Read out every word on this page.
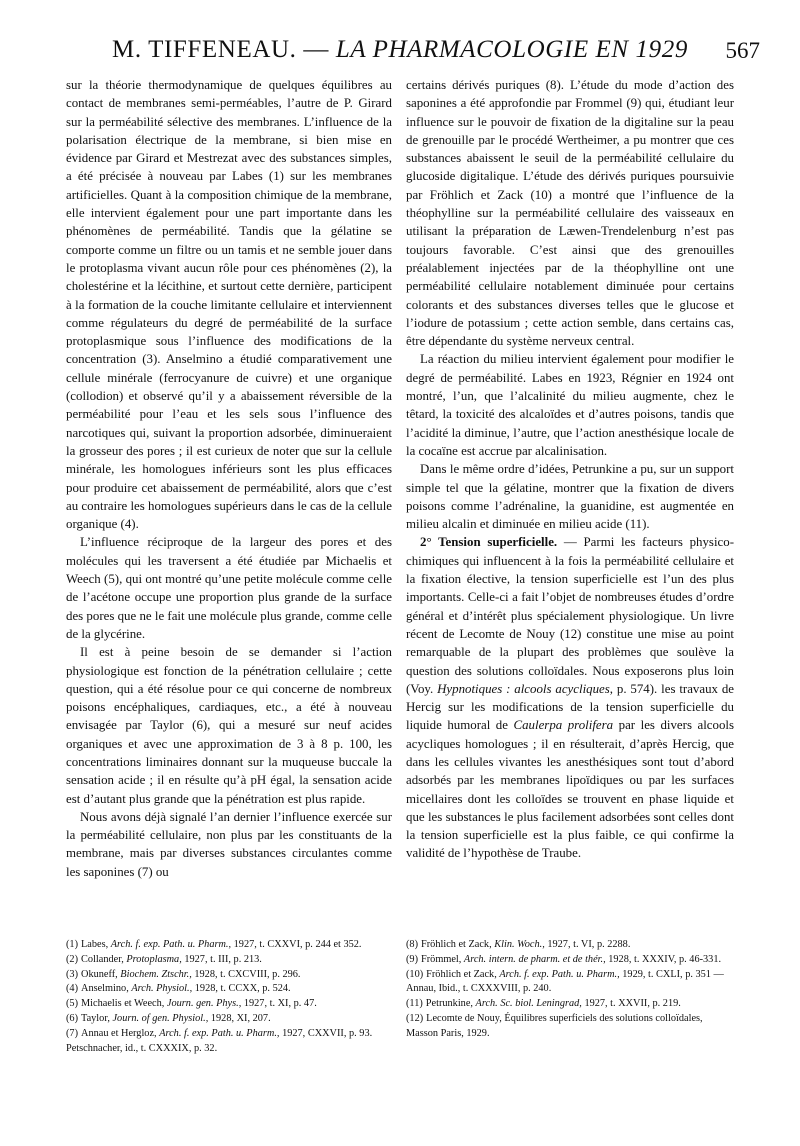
M. TIFFENEAU. — LA PHARMACOLOGIE EN 1929	567

sur la théorie thermodynamique de quelques équilibres au contact de membranes semi-perméables, l’autre de P. Girard sur la perméabilité sélective des membranes. L’influence de la polarisation électrique de la membrane, si bien mise en évidence par Girard et Mestrezat avec des substances simples, a été précisée à nouveau par Labes (1) sur les membranes artificielles. Quant à la composition chimique de la membrane, elle intervient également pour une part importante dans les phénomènes de perméabilité. Tandis que la gélatine se comporte comme un filtre ou un tamis et ne semble jouer dans le protoplasma vivant aucun rôle pour ces phénomènes (2), la cholestérine et la lécithine, et surtout cette dernière, participent à la formation de la couche limitante cellulaire et interviennent comme régulateurs du degré de perméabilité de la surface protoplasmique sous l’influence des modifications de la concentration (3). Anselmino a étudié comparativement une cellule minérale (ferrocyanure de cuivre) et une organique (collodion) et observé qu’il y a abaissement réversible de la perméabilité pour l’eau et les sels sous l’influence des narcotiques qui, suivant la proportion adsorbée, diminueraient la grosseur des pores ; il est curieux de noter que sur la cellule minérale, les homologues inférieurs sont les plus efficaces pour produire cet abaissement de perméabilité, alors que c’est au contraire les homologues supérieurs dans le cas de la cellule organique (4).

L’influence réciproque de la largeur des pores et des molécules qui les traversent a été étudiée par Michaelis et Weech (5), qui ont montré qu’une petite molécule comme celle de l’acétone occupe une proportion plus grande de la surface des pores que ne le fait une molécule plus grande, comme celle de la glycérine.

Il est à peine besoin de se demander si l’action physiologique est fonction de la pénétration cellulaire ; cette question, qui a été résolue pour ce qui concerne de nombreux poisons encéphaliques, cardiaques, etc., a été à nouveau envisagée par Taylor (6), qui a mesuré sur neuf acides organiques et avec une approximation de 3 à 8 p. 100, les concentrations liminaires donnant sur la muqueuse buccale la sensation acide ; il en résulte qu’à pH égal, la sensation acide est d’autant plus grande que la pénétration est plus rapide.

Nous avons déjà signalé l’an dernier l’influence exercée sur la perméabilité cellulaire, non plus par les constituants de la membrane, mais par diverses substances circulantes comme les saponines (7) ou

certains dérivés puriques (8). L’étude du mode d’action des saponines a été approfondie par Frommel (9) qui, étudiant leur influence sur le pouvoir de fixation de la digitaline sur la peau de grenouille par le procédé Wertheimer, a pu montrer que ces substances abaissent le seuil de la perméabilité cellulaire du glucoside digitalique. L’étude des dérivés puriques poursuivie par Fröhlich et Zack (10) a montré que l’influence de la théophylline sur la perméabilité cellulaire des vaisseaux en utilisant la préparation de Læwen-Trendelenburg n’est pas toujours favorable. C’est ainsi que des grenouilles préalablement injectées par de la théophylline ont une perméabilité cellulaire notablement diminuée pour certains colorants et des substances diverses telles que le glucose et l’iodure de potassium ; cette action semble, dans certains cas, être dépendante du système nerveux central.

La réaction du milieu intervient également pour modifier le degré de perméabilité. Labes en 1923, Régnier en 1924 ont montré, l’un, que l’alcalinité du milieu augmente, chez le têtard, la toxicité des alcaloïdes et d’autres poisons, tandis que l’acidité la diminue, l’autre, que l’action anesthésique locale de la cocaïne est accrue par alcalinisation.

Dans le même ordre d’idées, Petrunkine a pu, sur un support simple tel que la gélatine, montrer que la fixation de divers poisons comme l’adrénaline, la guanidine, est augmentée en milieu alcalin et diminuée en milieu acide (11).

2° Tension superficielle. — Parmi les facteurs physico-chimiques qui influencent à la fois la perméabilité cellulaire et la fixation élective, la tension superficielle est l’un des plus importants. Celle-ci a fait l’objet de nombreuses études d’ordre général et d’intérêt plus spécialement physiologique. Un livre récent de Lecomte de Nouy (12) constitue une mise au point remarquable de la plupart des problèmes que soulève la question des solutions colloïdales. Nous exposerons plus loin (Voy. Hypnotiques : alcools acycliques, p. 574). les travaux de Hercig sur les modifications de la tension superficielle du liquide humoral de Caulerpa prolifera par les divers alcools acycliques homologues ; il en résulterait, d’après Hercig, que dans les cellules vivantes les anesthésiques sont tout d’abord adsorbés par les membranes lipoïdiques ou par les surfaces micellaires dont les colloïdes se trouvent en phase liquide et que les substances le plus facilement adsorbées sont celles dont la tension superficielle est la plus faible, ce qui confirme la validité de l’hypothèse de Traube.

(1) Labes, Arch. f. exp. Path. u. Pharm., 1927, t. CXXVI, p. 244 et 352.

(2) Collander, Protoplasma, 1927, t. III, p. 213.

(3) Okuneff, Biochem. Ztschr., 1928, t. CXCVIII, p. 296.

(4) Anselmino, Arch. Physiol., 1928, t. CCXX, p. 524.

(5) Michaelis et Weech, Journ. gen. Phys., 1927, t. XI, p. 47.

(6) Taylor, Journ. of gen. Physiol., 1928, XI, 207.

(7) Annau et Hergloz, Arch. f. exp. Path. u. Pharm., 1927, CXXVII, p. 93. Petschnacher, id., t. CXXXIX, p. 32.

(8) Fröhlich et Zack, Klin. Woch., 1927, t. VI, p. 2288.

(9) Frömmel, Arch. intern. de pharm. et de thér., 1928, t. XXXIV, p. 46-331.

(10) Fröhlich et Zack, Arch. f. exp. Path. u. Pharm., 1929, t. CXLI, p. 351 — Annau, Ibid., t. CXXXVIII, p. 240.

(11) Petrunkine, Arch. Sc. biol. Leningrad, 1927, t. XXVII, p. 219.

(12) Lecomte de Nouy, Équilibres superficiels des solutions colloïdales, Masson Paris, 1929.
